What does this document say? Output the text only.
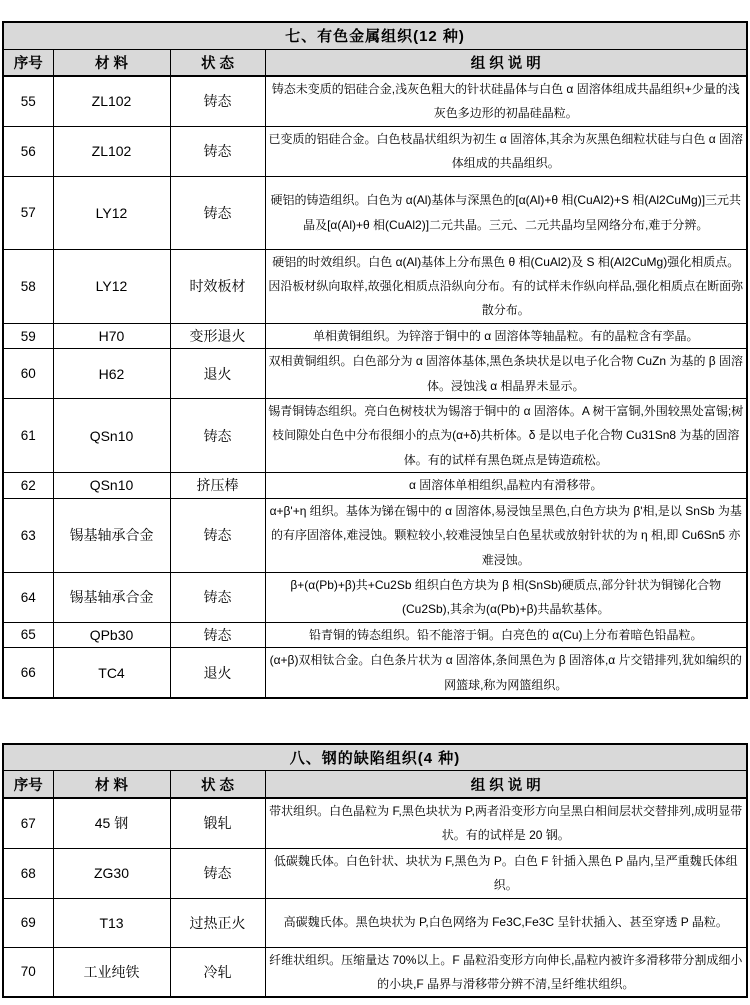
七、有色金属组织(12 种)			
序号	材 料	状 态	组 织 说 明
55	ZL102	铸态	铸态未变质的铝硅合金,浅灰色粗大的针状硅晶体与白色 α 固溶体组成共晶组织+少量的浅灰色多边形的初晶硅晶粒。
56	ZL102	铸态	已变质的铝硅合金。白色枝晶状组织为初生 α 固溶体,其余为灰黑色细粒状硅与白色 α 固溶体组成的共晶组织。
57	LY12	铸态	硬铝的铸造组织。白色为 α(Al)基体与深黑色的[α(Al)+θ 相(CuAl2)+S 相(Al2CuMg)]三元共晶及[α(Al)+θ 相(CuAl2)]二元共晶。三元、二元共晶均呈网络分布,难于分辨。
58	LY12	时效板材	硬铝的时效组织。白色 α(Al)基体上分布黑色 θ 相(CuAl2)及 S 相(Al2CuMg)强化相质点。因沿板材纵向取样,故强化相质点沿纵向分布。有的试样未作纵向样品,强化相质点在断面弥散分布。
59	H70	变形退火	单相黄铜组织。为锌溶于铜中的 α 固溶体等轴晶粒。有的晶粒含有孪晶。
60	H62	退火	双相黄铜组织。白色部分为 α 固溶体基体,黑色条块状是以电子化合物 CuZn 为基的 β 固溶体。浸蚀浅 α 相晶界未显示。
61	QSn10	铸态	锡青铜铸态组织。亮白色树枝状为锡溶于铜中的 α 固溶体。A 树干富铜,外围较黑处富锡;树枝间隙处白色中分布很细小的点为(α+δ)共析体。δ 是以电子化合物 Cu31Sn8 为基的固溶体。有的试样有黑色斑点是铸造疏松。
62	QSn10	挤压棒	α 固溶体单相组织,晶粒内有滑移带。
63	锡基轴承合金	铸态	α+β'+η 组织。基体为锑在锡中的 α 固溶体,易浸蚀呈黑色,白色方块为 β'相,是以 SnSb 为基的有序固溶体,难浸蚀。颗粒较小,较难浸蚀呈白色星状或放射针状的为 η 相,即 Cu6Sn5 亦难浸蚀。
64	锡基轴承合金	铸态	β+(α(Pb)+β)共+Cu2Sb 组织白色方块为 β 相(SnSb)硬质点,部分针状为铜锑化合物(Cu2Sb),其余为(α(Pb)+β)共晶软基体。
65	QPb30	铸态	铅青铜的铸态组织。铅不能溶于铜。白亮色的 α(Cu)上分布着暗色铅晶粒。
66	TC4	退火	(α+β)双相钛合金。白色条片状为 α 固溶体,条间黑色为 β 固溶体,α 片交错排列,犹如编织的网篮球,称为网篮组织。
八、钢的缺陷组织(4 种)			
序号	材 料	状 态	组 织 说 明
67	45 钢	锻轧	带状组织。白色晶粒为 F,黑色块状为 P,两者沿变形方向呈黑白相间层状交替排列,成明显带状。有的试样是 20 钢。
68	ZG30	铸态	低碳魏氏体。白色针状、块状为 F,黑色为 P。白色 F 针插入黑色 P 晶内,呈严重魏氏体组织。
69	T13	过热正火	高碳魏氏体。黑色块状为 P,白色网络为 Fe3C,Fe3C 呈针状插入、甚至穿透 P 晶粒。
70	工业纯铁	冷轧	纤维状组织。压缩量达 70%以上。F 晶粒沿变形方向伸长,晶粒内被许多滑移带分割成细小的小块,F 晶界与滑移带分辨不清,呈纤维状组织。
